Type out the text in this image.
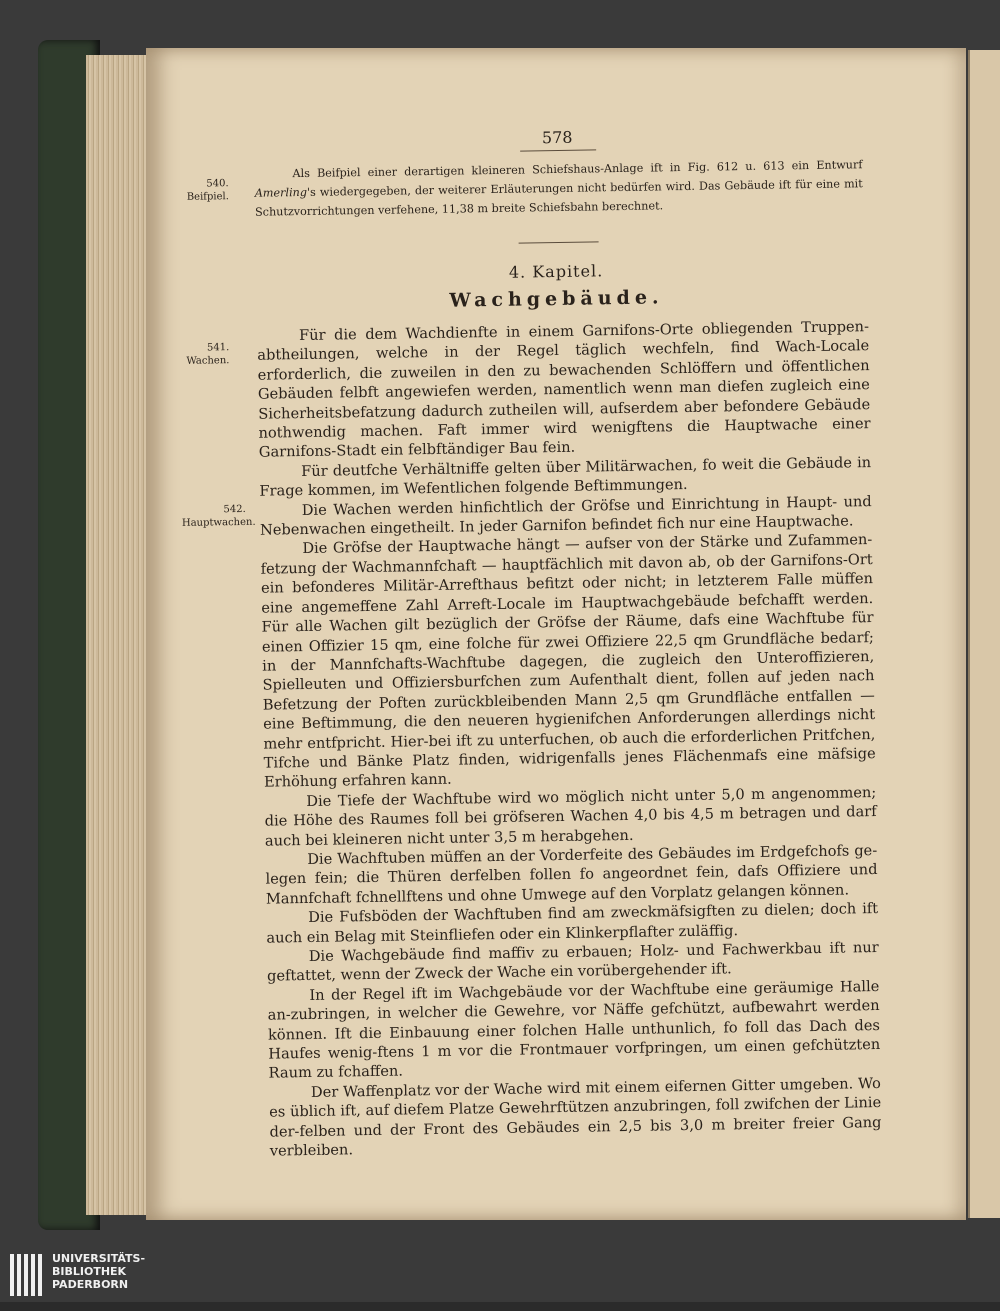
578
540.
Beifpiel.
Als Beifpiel einer derartigen kleineren Schiefshaus-Anlage ift in Fig. 612 u. 613 ein Entwurf Amerling's wiedergegeben, der weiterer Erläuterungen nicht bedürfen wird. Das Gebäude ift für eine mit Schutzvorrichtungen verfehene, 11,38 m breite Schiefsbahn berechnet.
4. Kapitel.
Wachgebäude.
541.
Wachen.
542.
Hauptwachen.

Für die dem Wachdienfte in einem Garnifons-Orte obliegenden Truppen-abtheilungen, welche in der Regel täglich wechfeln, find Wach-Locale erforderlich, die zuweilen in den zu bewachenden Schlöffern und öffentlichen Gebäuden felbft angewiefen werden, namentlich wenn man diefen zugleich eine Sicherheitsbefatzung dadurch zutheilen will, aufserdem aber befondere Gebäude nothwendig machen. Faft immer wird wenigftens die Hauptwache einer Garnifons-Stadt ein felbftändiger Bau fein.

Für deutfche Verhältniffe gelten über Militärwachen, fo weit die Gebäude in Frage kommen, im Wefentlichen folgende Beftimmungen.

Die Wachen werden hinfichtlich der Gröfse und Einrichtung in Haupt- und Nebenwachen eingetheilt. In jeder Garnifon befindet fich nur eine Hauptwache.

Die Gröfse der Hauptwache hängt — aufser von der Stärke und Zufammen-fetzung der Wachmannfchaft — hauptfächlich mit davon ab, ob der Garnifons-Ort ein befonderes Militär-Arrefthaus befitzt oder nicht; in letzterem Falle müffen eine angemeffene Zahl Arreft-Locale im Hauptwachgebäude befchafft werden. Für alle Wachen gilt bezüglich der Gröfse der Räume, dafs eine Wachftube für einen Offizier 15 qm, eine folche für zwei Offiziere 22,5 qm Grundfläche bedarf; in der Mannfchafts-Wachftube dagegen, die zugleich den Unteroffizieren, Spielleuten und Offiziersburfchen zum Aufenthalt dient, follen auf jeden nach Befetzung der Poften zurückbleibenden Mann 2,5 qm Grundfläche entfallen — eine Beftimmung, die den neueren hygienifchen Anforderungen allerdings nicht mehr entfpricht. Hier-bei ift zu unterfuchen, ob auch die erforderlichen Pritfchen, Tifche und Bänke Platz finden, widrigenfalls jenes Flächenmafs eine mäfsige Erhöhung erfahren kann.

Die Tiefe der Wachftube wird wo möglich nicht unter 5,0 m angenommen; die Höhe des Raumes foll bei gröfseren Wachen 4,0 bis 4,5 m betragen und darf auch bei kleineren nicht unter 3,5 m herabgehen.

Die Wachftuben müffen an der Vorderfeite des Gebäudes im Erdgefchofs ge-legen fein; die Thüren derfelben follen fo angeordnet fein, dafs Offiziere und Mannfchaft fchnellftens und ohne Umwege auf den Vorplatz gelangen können.

Die Fufsböden der Wachftuben find am zweckmäfsigften zu dielen; doch ift auch ein Belag mit Steinfliefen oder ein Klinkerpflafter zuläffig.

Die Wachgebäude find maffiv zu erbauen; Holz- und Fachwerkbau ift nur geftattet, wenn der Zweck der Wache ein vorübergehender ift.

In der Regel ift im Wachgebäude vor der Wachftube eine geräumige Halle an-zubringen, in welcher die Gewehre, vor Näffe gefchützt, aufbewahrt werden können. Ift die Einbauung einer folchen Halle unthunlich, fo foll das Dach des Haufes wenig-ftens 1 m vor die Frontmauer vorfpringen, um einen gefchützten Raum zu fchaffen.

Der Waffenplatz vor der Wache wird mit einem eifernen Gitter umgeben. Wo es üblich ift, auf diefem Platze Gewehrftützen anzubringen, foll zwifchen der Linie der-felben und der Front des Gebäudes ein 2,5 bis 3,0 m breiter freier Gang verbleiben.

UNIVERSITÄTS-
BIBLIOTHEK
PADERBORN
